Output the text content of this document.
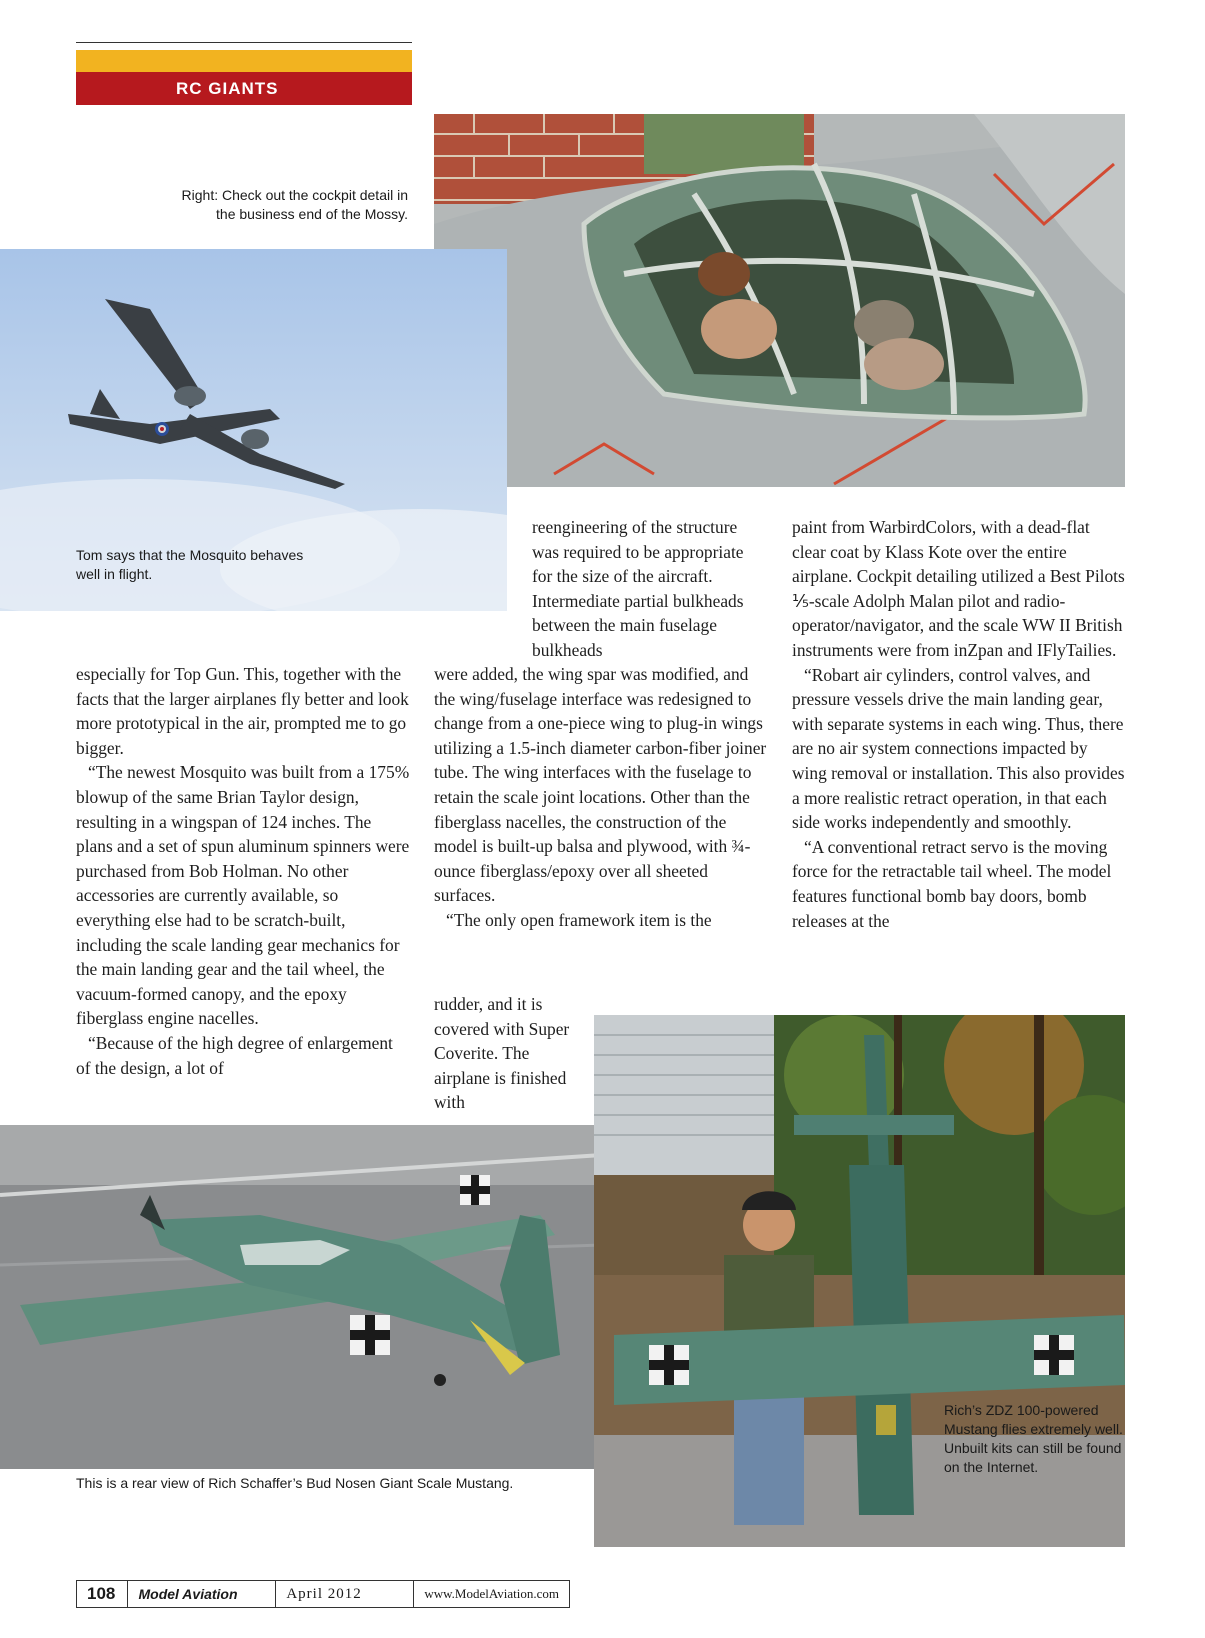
RC GIANTS
Right: Check out the cockpit detail in the business end of the Mossy.
Tom says that the Mosquito behaves well in flight.

reengineering of the structure was required to be appropriate for the size of the aircraft. Intermediate partial bulkheads between the main fuselage bulkheads

paint from WarbirdColors, with a dead-flat clear coat by Klass Kote over the entire airplane. Cockpit detailing utilized a Best Pilots ⅕-scale Adolph Malan pilot and radio-operator/navigator, and the scale WW II British instruments were from inZpan and IFlyTailies.

“Robart air cylinders, control valves, and pressure vessels drive the main landing gear, with separate systems in each wing. Thus, there are no air system connections impacted by wing removal or installation. This also provides a more realistic retract operation, in that each side works independently and smoothly.

“A conventional retract servo is the moving force for the retractable tail wheel. The model features functional bomb bay doors, bomb releases at the

especially for Top Gun. This, together with the facts that the larger airplanes fly better and look more prototypical in the air, prompted me to go bigger.

“The newest Mosquito was built from a 175% blowup of the same Brian Taylor design, resulting in a wingspan of 124 inches. The plans and a set of spun aluminum spinners were purchased from Bob Holman. No other accessories are currently available, so everything else had to be scratch-built, including the scale landing gear mechanics for the main landing gear and the tail wheel, the vacuum-formed canopy, and the epoxy fiberglass engine nacelles.

“Because of the high degree of enlargement of the design, a lot of

were added, the wing spar was modified, and the wing/fuselage interface was redesigned to change from a one-piece wing to plug-in wings utilizing a 1.5-inch diameter carbon-fiber joiner tube. The wing interfaces with the fuselage to retain the scale joint locations. Other than the fiberglass nacelles, the construction of the model is built-up balsa and plywood, with ¾-ounce fiberglass/epoxy over all sheeted surfaces.

“The only open framework item is the

rudder, and it is covered with Super Coverite. The airplane is finished with

This is a rear view of Rich Schaffer’s Bud Nosen Giant Scale Mustang.
Rich’s ZDZ 100-powered Mustang flies extremely well. Unbuilt kits can still be found on the Internet.
108	Model Aviation	April 2012	www.ModelAviation.com
